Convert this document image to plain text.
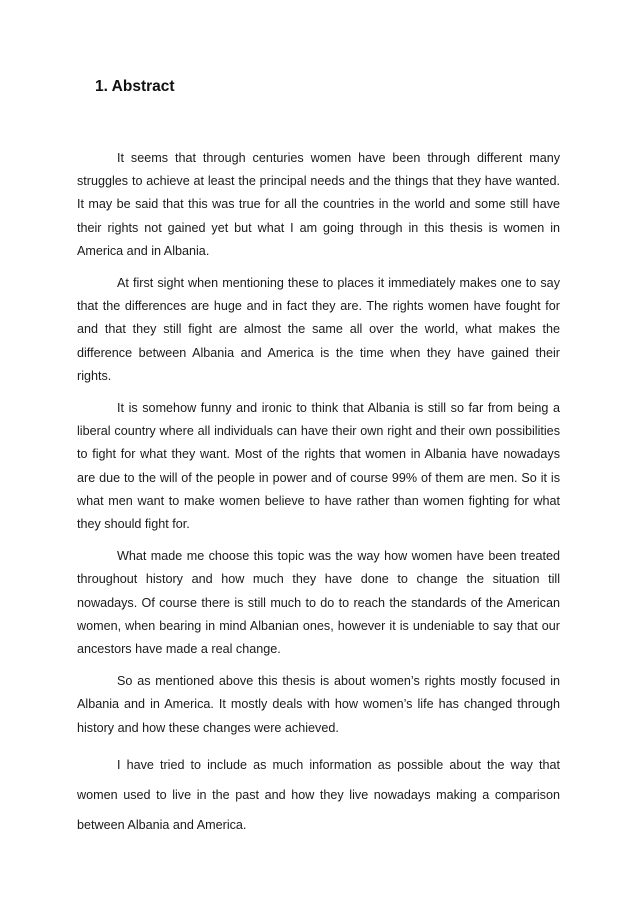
1. Abstract

It seems that through centuries women have been through different many struggles to achieve at least the principal needs and the things that they have wanted. It may be said that this was true for all the countries in the world and some still have their rights not gained yet but what I am going through in this thesis is women in America and in Albania.

At first sight when mentioning these to places it immediately makes one to say that the differences are huge and in fact they are. The rights women have fought for and that they still fight are almost the same all over the world, what makes the difference between Albania and America is the time when they have gained their rights.

It is somehow funny and ironic to think that Albania is still so far from being a liberal country where all individuals can have their own right and their own possibilities to fight for what they want. Most of the rights that women in Albania have nowadays are due to the will of the people in power and of course 99% of them are men. So it is what men want to make women believe to have rather than women fighting for what they should fight for.

What made me choose this topic was the way how women have been treated throughout history and how much they have done to change the situation till nowadays. Of course there is still much to do to reach the standards of the American women, when bearing in mind Albanian ones, however it is undeniable to say that our ancestors have made a real change.

So as mentioned above this thesis is about women’s rights mostly focused in Albania and in America. It mostly deals with how women’s life has changed through history and how these changes were achieved.

I have tried to include as much information as possible about the way that women used to live in the past and how they live nowadays making a comparison between Albania and America.
